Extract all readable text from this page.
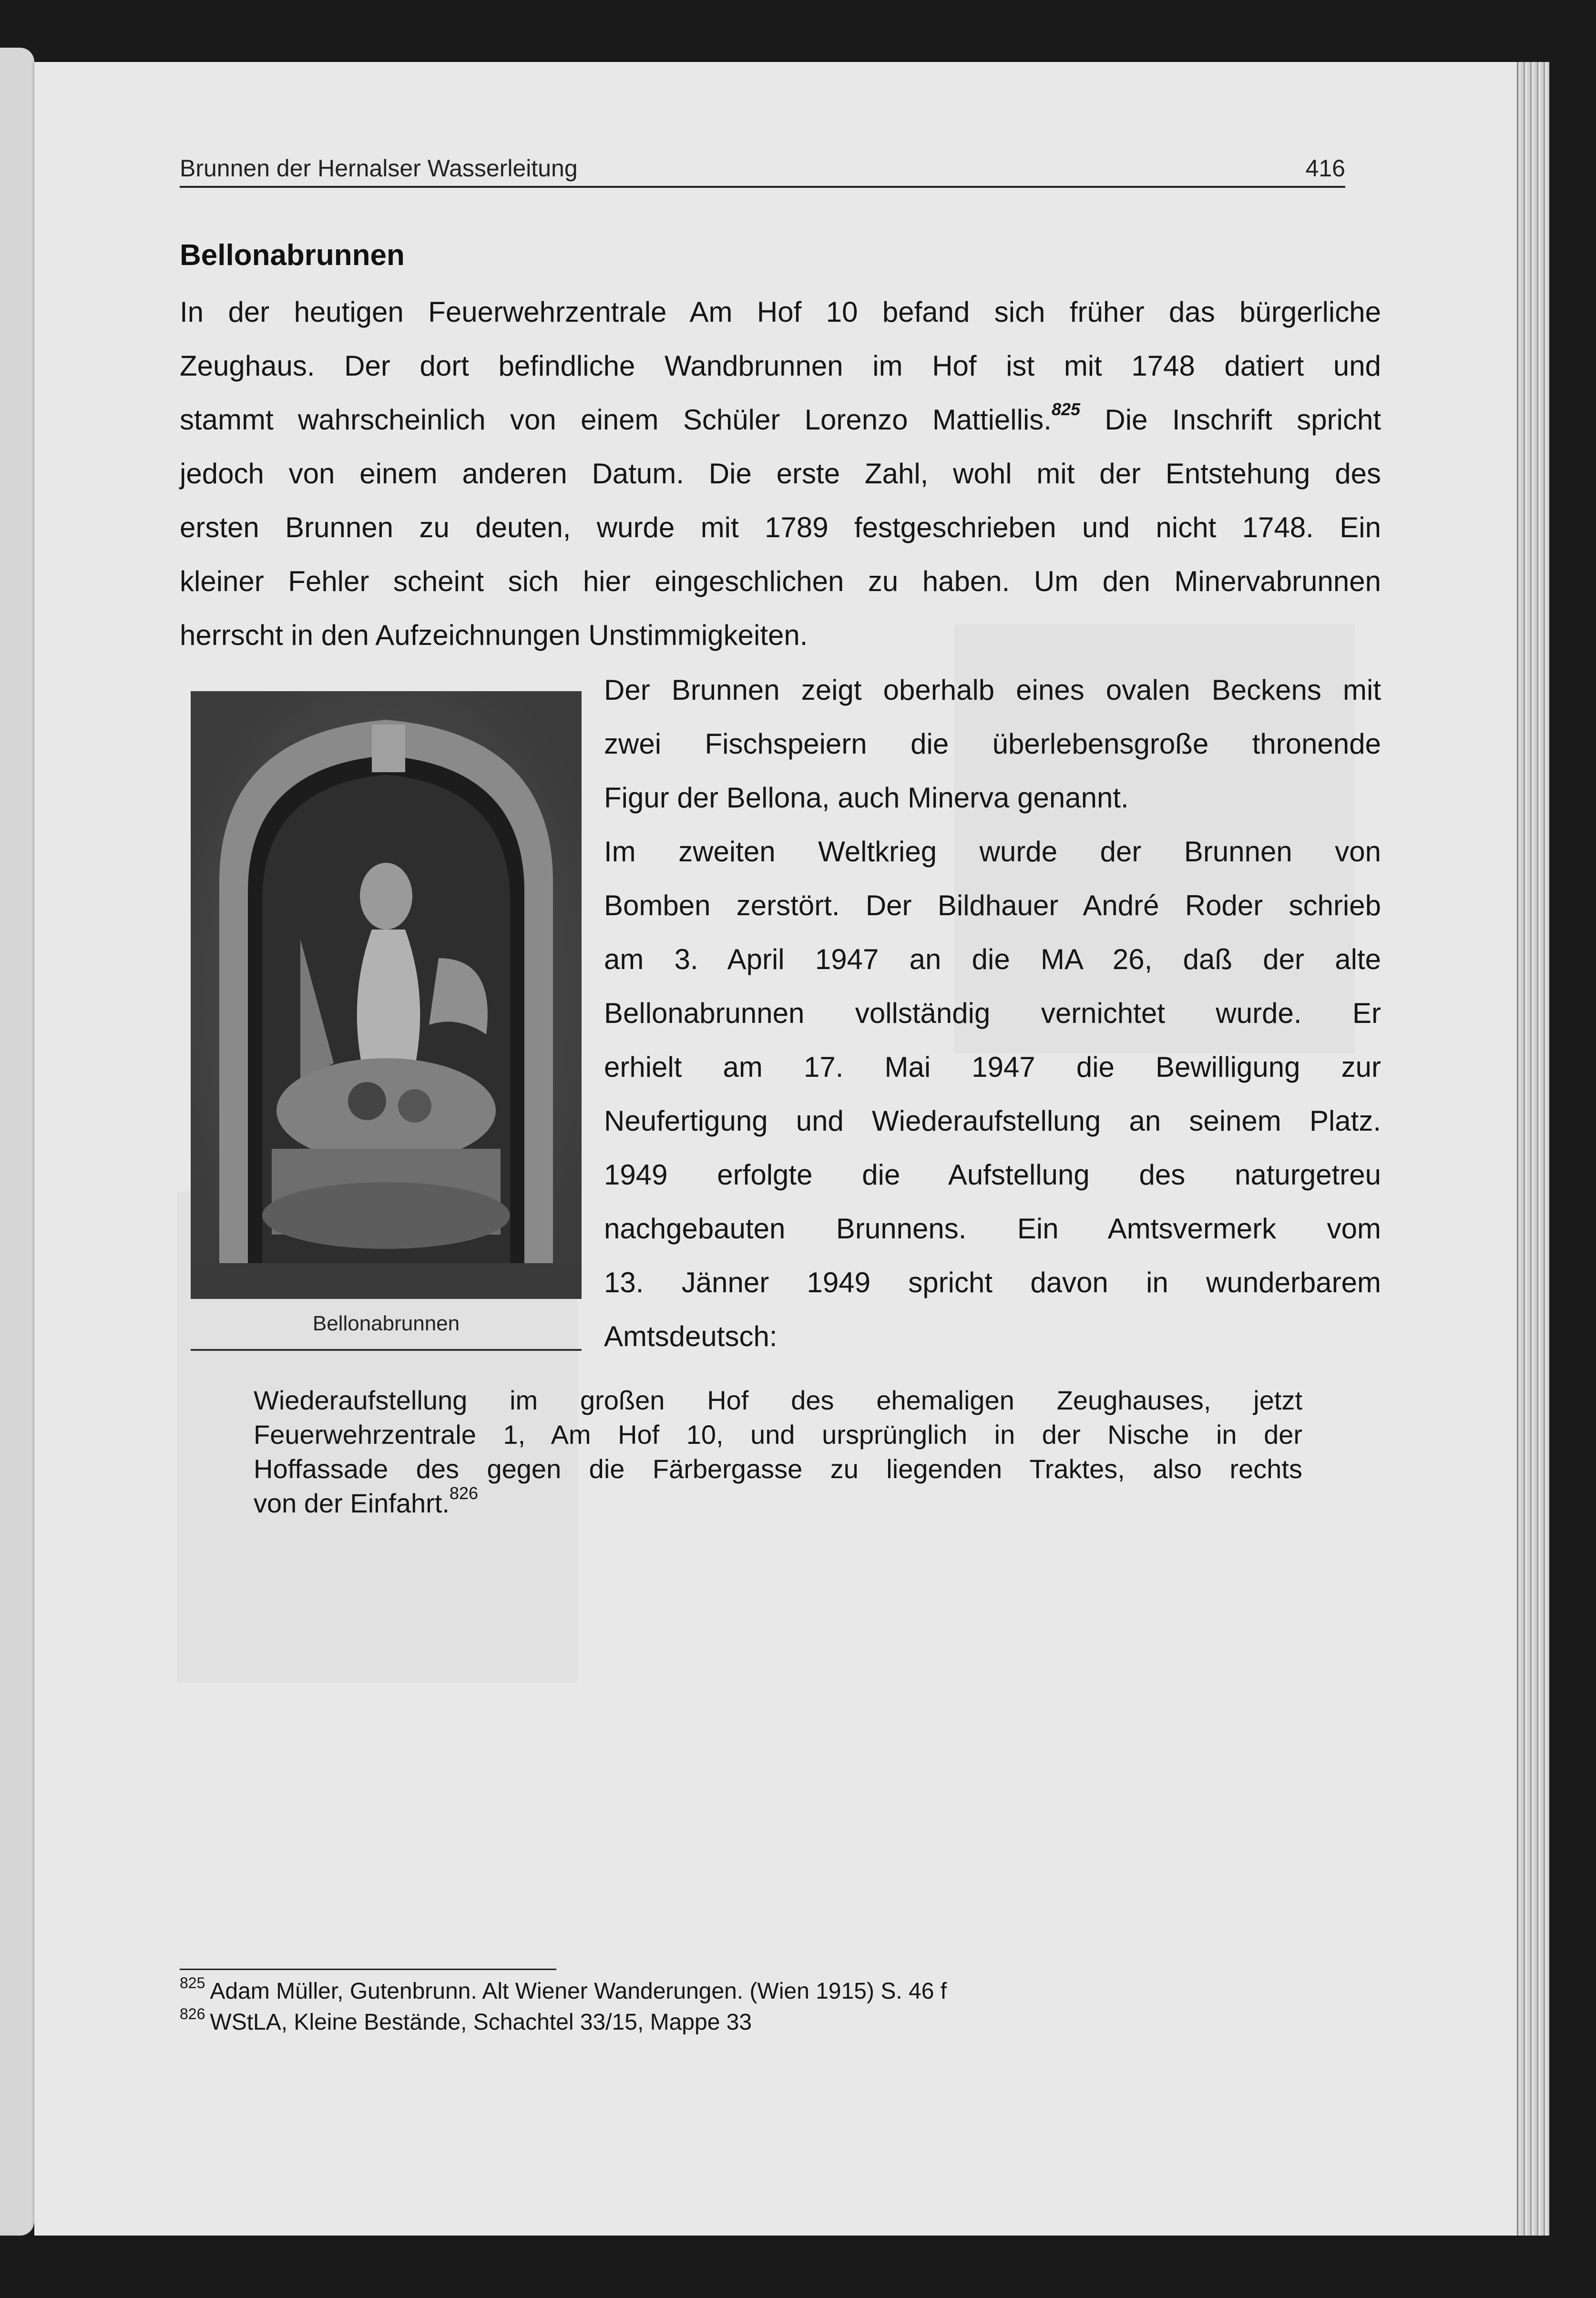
Brunnen der Hernalser Wasserleitung	416
Bellonabrunnen
In der heutigen Feuerwehrzentrale Am Hof 10 befand sich früher das bürgerliche
Zeughaus. Der dort befindliche Wandbrunnen im Hof ist mit 1748 datiert und
stammt wahrscheinlich von einem Schüler Lorenzo Mattiellis.$^{825}$ Die Inschrift spricht
jedoch von einem anderen Datum. Die erste Zahl, wohl mit der Entstehung des
ersten Brunnen zu deuten, wurde mit 1789 festgeschrieben und nicht 1748. Ein
kleiner Fehler scheint sich hier eingeschlichen zu haben. Um den Minervabrunnen
herrscht in den Aufzeichnungen Unstimmigkeiten.
Bellonabrunnen
Der Brunnen zeigt oberhalb eines ovalen Beckens mit
zwei Fischspeiern die überlebensgroße thronende
Figur der Bellona, auch Minerva genannt.
Im zweiten Weltkrieg wurde der Brunnen von
Bomben zerstört. Der Bildhauer André Roder schrieb
am 3. April 1947 an die MA 26, daß der alte
Bellonabrunnen vollständig vernichtet wurde. Er
erhielt am 17. Mai 1947 die Bewilligung zur
Neufertigung und Wiederaufstellung an seinem Platz.
1949 erfolgte die Aufstellung des naturgetreu
nachgebauten Brunnens. Ein Amtsvermerk vom
13. Jänner 1949 spricht davon in wunderbarem
Amtsdeutsch:
Wiederaufstellung im großen Hof des ehemaligen Zeughauses, jetzt
Feuerwehrzentrale 1, Am Hof 10, und ursprünglich in der Nische in der
Hoffassade des gegen die Färbergasse zu liegenden Traktes, also rechts
von der Einfahrt.$^{826}$
$^{825}$ Adam Müller, Gutenbrunn. Alt Wiener Wanderungen. (Wien 1915) S. 46 f
$^{826}$ WStLA, Kleine Bestände, Schachtel 33/15, Mappe 33
